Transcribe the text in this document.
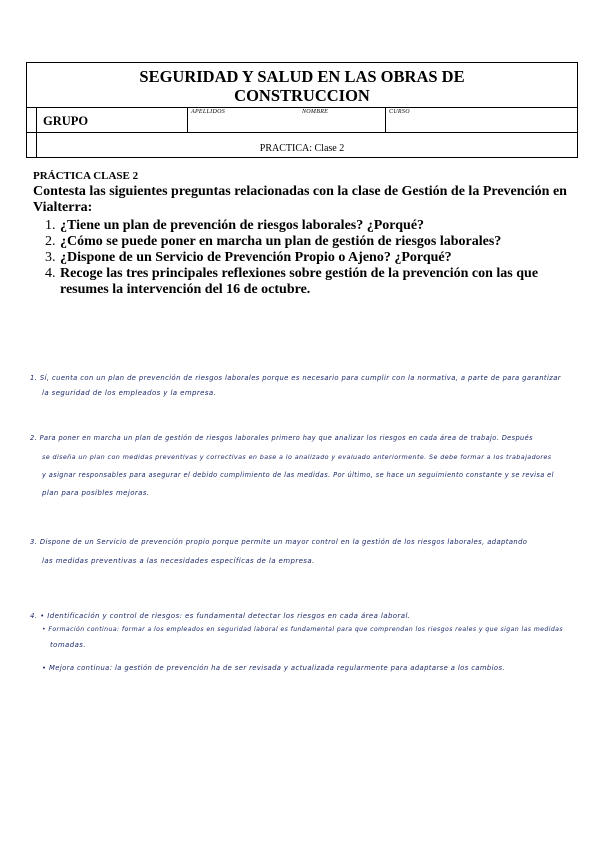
SEGURIDAD Y SALUD EN LAS OBRAS DE
CONSTRUCCION
GRUPO
APELLIDOS	NOMBRE	CURSO
PRACTICA: Clase 2
PRÁCTICA CLASE 2
Contesta las siguientes preguntas relacionadas con la clase de Gestión de la Prevención en Vialterra:
1. ¿Tiene un plan de prevención de riesgos laborales? ¿Porqué?
2. ¿Cómo se puede poner en marcha un plan de gestión de riesgos laborales?
3. ¿Dispone de un Servicio de Prevención Propio o Ajeno? ¿Porqué?
4. Recoge las tres principales reflexiones sobre gestión de la prevención con las que resumes la intervención del 16 de octubre.
1. Sí, cuenta con un plan de prevención de riesgos laborales porque es necesario para cumplir con la normativa, a parte de para garantizar
la seguridad de los empleados y la empresa.
2. Para poner en marcha un plan de gestión de riesgos laborales primero hay que analizar los riesgos en cada área de trabajo. Después
se diseña un plan con medidas preventivas y correctivas en base a lo analizado y evaluado anteriormente. Se debe formar a los trabajadores
y asignar responsables para asegurar el debido cumplimiento de las medidas. Por último, se hace un seguimiento constante y se revisa el
plan para posibles mejoras.
3. Dispone de un Servicio de prevención propio porque permite un mayor control en la gestión de los riesgos laborales, adaptando
las medidas preventivas a las necesidades específicas de la empresa.
4. • Identificación y control de riesgos: es fundamental detectar los riesgos en cada área laboral.
• Formación continua: formar a los empleados en seguridad laboral es fundamental para que comprendan los riesgos reales y que sigan las medidas
tomadas.
• Mejora continua: la gestión de prevención ha de ser revisada y actualizada regularmente para adaptarse a los cambios.
